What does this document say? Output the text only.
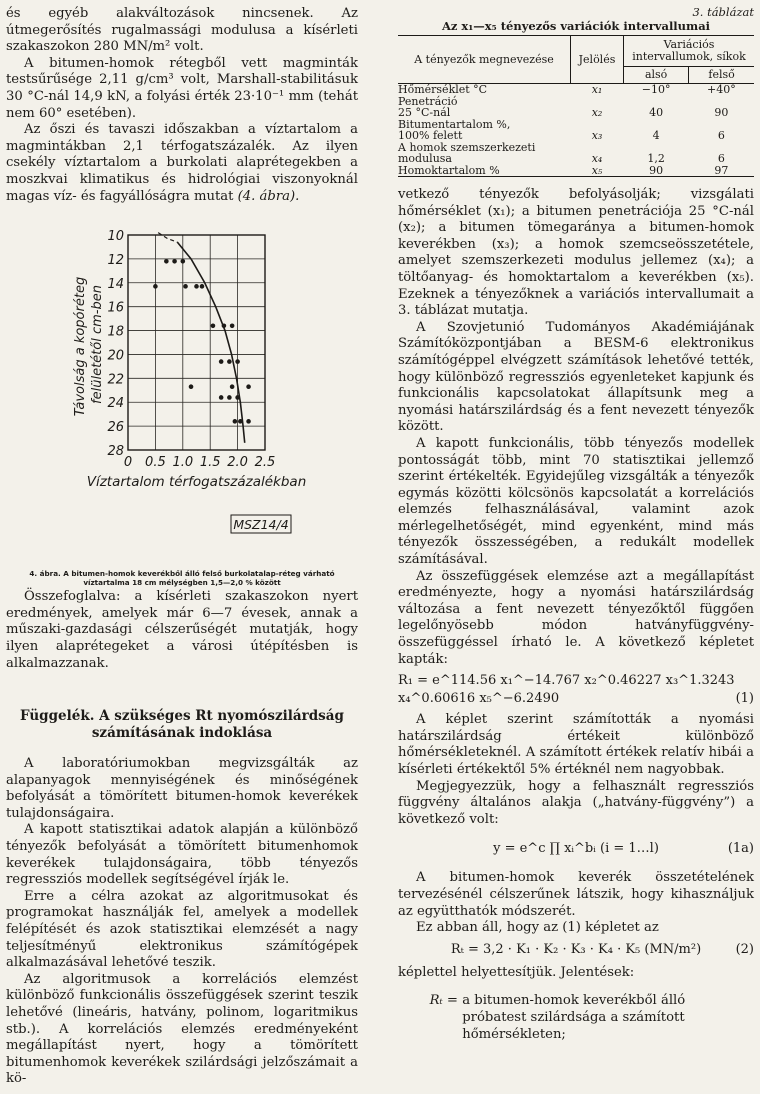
és egyéb alakváltozások nincsenek. Az útmegerősítés rugalmassági modulusa a kísérleti szakaszokon 280 MN/m² volt.

A bitumen-homok rétegből vett magminták testsűrűsége 2,11 g/cm³ volt, Marshall-stabilitásuk 30 °C-nál 14,9 kN, a folyási érték 23·10⁻¹ mm (tehát nem 60° esetében).

Az őszi és tavaszi időszakban a víztartalom a magmintákban 2,1 térfogatszázalék. Az ilyen csekély víztartalom a burkolati alaprétegekben a moszkvai klimatikus és hidrológiai viszonyoknál magas víz- és fagyállóságra mutat (4. ábra).

0 0.5 1.0 1.5 2.0 2.5
10
12
14
16
18
20
22
24
26
28
Víztartalom térfogatszázalékban
Távolság a kopóréteg felületétől cm-ben
MSZ14/4

4. ábra. A bitumen-homok keverékből álló felső burkolatalap-réteg várható víztartalma 18 cm mélységben 1,5—2,0 % között

Összefoglalva: a kísérleti szakaszokon nyert eredmények, amelyek már 6—7 évesek, annak a műszaki-gazdasági célszerűségét mutatják, hogy ilyen alaprétegeket a városi útépítésben is alkalmazzanak.

Függelék. A szükséges Rt nyomószilárdság
számításának indoklása

A laboratóriumokban megvizsgálták az alapanyagok mennyiségének és minőségének befolyását a tömörített bitumen-homok keverékek tulajdonságaira.

A kapott statisztikai adatok alapján a különböző tényezők befolyását a tömörített bitumenhomok keverékek tulajdonságaira, több tényezős regressziós modellek segítségével írják le.

Erre a célra azokat az algoritmusokat és programokat használják fel, amelyek a modellek felépítését és azok statisztikai elemzését a nagy teljesítményű elektronikus számítógépek alkalmazásával lehetővé teszik.

Az algoritmusok a korrelációs elemzést különböző funkcionális összefüggések szerint teszik lehetővé (lineáris, hatvány, polinom, logaritmikus stb.). A korrelációs elemzés eredményeként megállapítást nyert, hogy a tömörített bitumenhomok keverékek szilárdsági jelzőszámait a kö-

3. táblázat

Az x₁—x₅ tényezős variációk intervallumai

A tényezők megnevezése	Jelölés	Variációs intervallumok, síkok	
		alsó	felső
Hőmérséklet °C	x₁	−10°	+40°
Penetráció			
25 °C-nál	x₂	40	90
Bitumentartalom %,			
100% felett	x₃	4	6
A homok szemszerkezeti			
modulusa	x₄	1,2	6
Homoktartalom %	x₅	90	97

vetkező tényezők befolyásolják; vizsgálati hőmérséklet (x₁); a bitumen penetrációja 25 °C-nál (x₂); a bitumen tömegaránya a bitumen-homok keverékben (x₃); a homok szemcseösszetétele, amelyet szemszerkezeti modulus jellemez (x₄); a töltőanyag- és homoktartalom a keverékben (x₅). Ezeknek a tényezőknek a variációs intervallumait a 3. táblázat mutatja.

A Szovjetunió Tudományos Akadémiájának Számítóközpontjában a BESM-6 elektronikus számítógéppel elvégzett számítások lehetővé tették, hogy különböző regressziós egyenleteket kapjunk és funkcionális kapcsolatokat állapítsunk meg a nyomási határszilárdság és a fent nevezett tényezők között.

A kapott funkcionális, több tényezős modellek pontosságát több, mint 70 statisztikai jellemző szerint értékelték. Egyidejűleg vizsgálták a tényezők egymás közötti kölcsönös kapcsolatát a korrelációs elemzés felhasználásával, valamint azok mérlegelhetőségét, mind egyenként, mind más tényezők összességében, a redukált modellek számításával.

Az összefüggések elemzése azt a megállapítást eredményezte, hogy a nyomási határszilárdság változása a fent nevezett tényezőktől függően legelőnyösebb módon hatványfüggvény-összefüggéssel írható le. A következő képletet kapták:

R₁ = e^114.56 x₁^−14.767 x₂^0.46227 x₃^1.3243 x₄^0.60616 x₅^−6.2490	(1)

A képlet szerint számították a nyomási határszilárdság értékeit különböző hőmérsékleteknél. A számított értékek relatív hibái a kísérleti értékektől 5% értéknél nem nagyobbak.

Megjegyezzük, hogy a felhasznált regressziós függvény általános alakja („hatvány-függvény”) a következő volt:

y = e^c ∏ xᵢ^bᵢ (i = 1…l)	(1a)

A bitumen-homok keverék összetételének tervezésénél célszerűnek látszik, hogy kihasználjuk az együtthatók módszerét.

Ez abban áll, hogy az (1) képletet az

Rₜ = 3,2 · K₁ · K₂ · K₃ · K₄ · K₅ (MN/m²)	(2)

képlettel helyettesítjük. Jelentések:

Rₜ = a bitumen-homok keverékből álló próbatest szilárdsága a számított hőmérsékleten;
